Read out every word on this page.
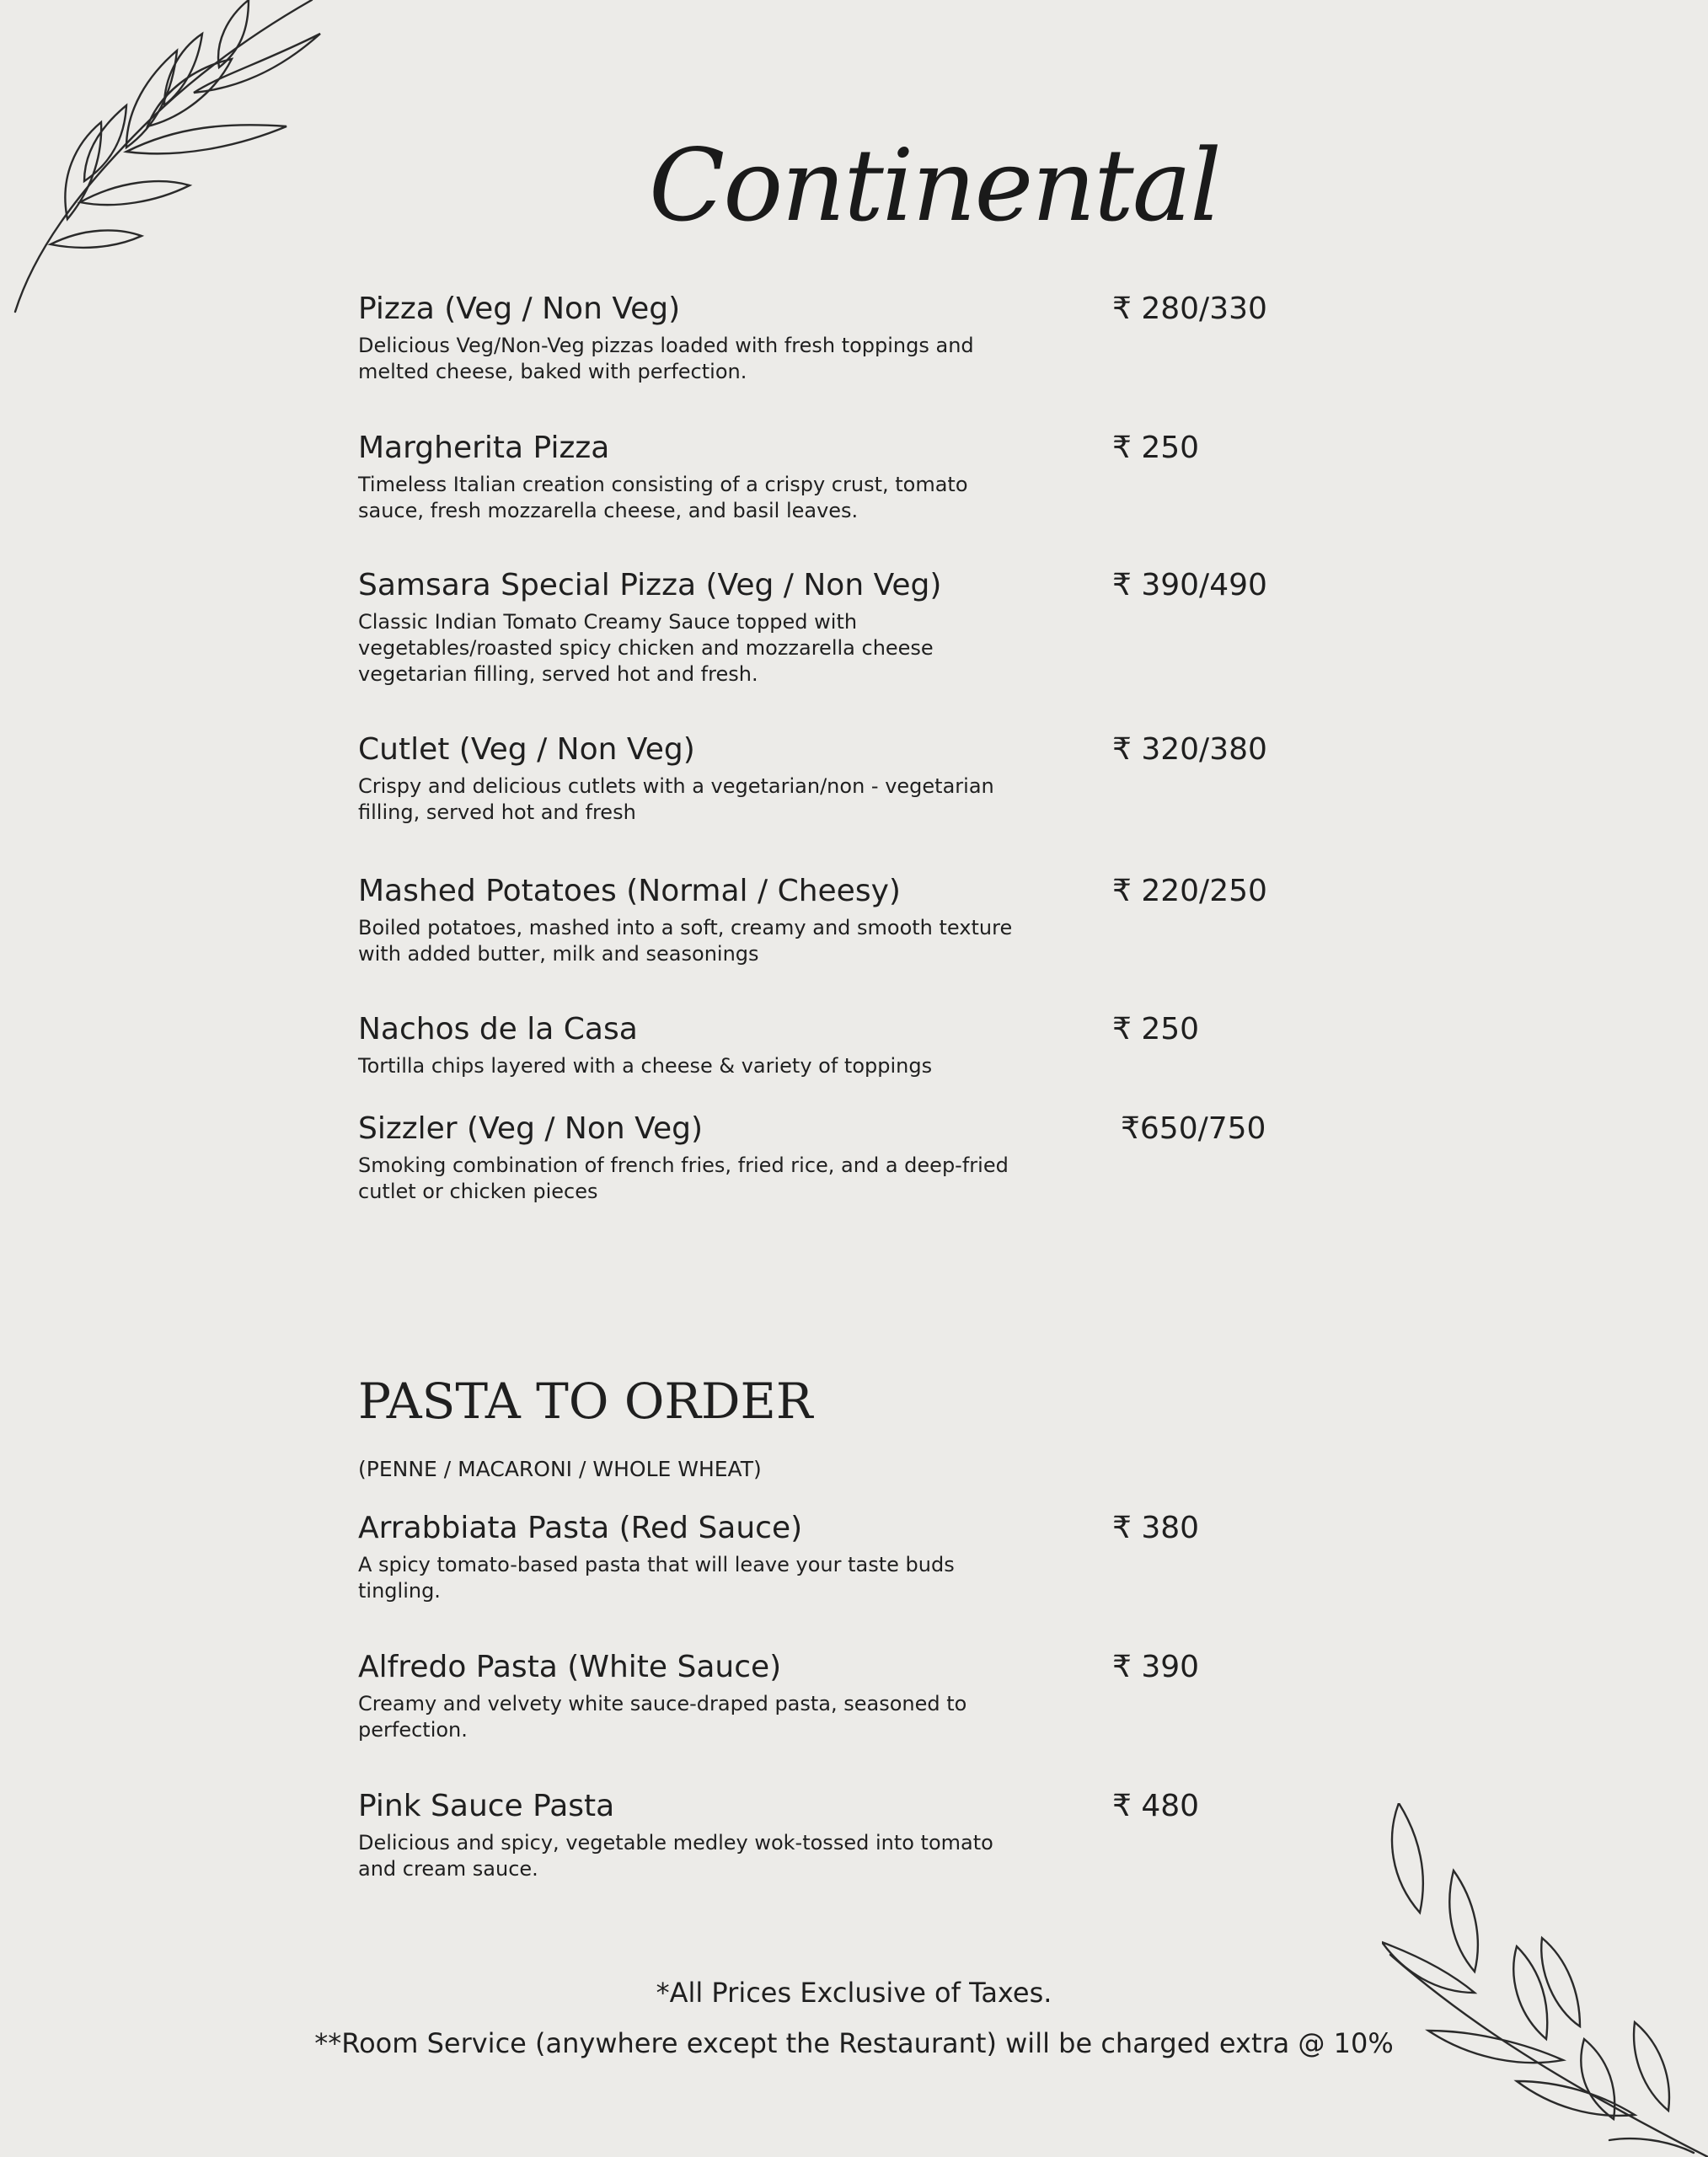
Continental
Pizza (Veg / Non Veg)
Delicious Veg/Non-Veg pizzas loaded with fresh toppings and melted cheese, baked with perfection.
₹ 280/330
Margherita Pizza
Timeless Italian creation consisting of a crispy crust, tomato sauce, fresh mozzarella cheese, and basil leaves.
₹ 250
Samsara Special Pizza (Veg / Non Veg)
Classic Indian Tomato Creamy Sauce topped with vegetables/roasted spicy chicken and mozzarella cheese vegetarian filling, served hot and fresh.
₹ 390/490
Cutlet (Veg / Non Veg)
Crispy and delicious cutlets with a vegetarian/non - vegetarian filling, served hot and fresh
₹ 320/380
Mashed Potatoes (Normal / Cheesy)
Boiled potatoes, mashed into a soft, creamy and smooth texture with added butter, milk and seasonings
₹ 220/250
Nachos de la Casa
Tortilla chips layered with a cheese & variety of toppings
₹ 250
Sizzler (Veg / Non Veg)
Smoking combination of french fries, fried rice, and a deep-fried cutlet or chicken pieces
₹650/750
PASTA TO ORDER
(PENNE / MACARONI / WHOLE WHEAT)
Arrabbiata Pasta (Red Sauce)
A spicy tomato-based pasta that will leave your taste buds tingling.
₹ 380
Alfredo Pasta (White Sauce)
Creamy and velvety white sauce-draped pasta, seasoned to perfection.
₹ 390
Pink Sauce Pasta
Delicious and spicy, vegetable medley wok-tossed into tomato and cream sauce.
₹ 480
*All Prices Exclusive of Taxes.
**Room Service (anywhere except the Restaurant) will be charged extra @ 10%
